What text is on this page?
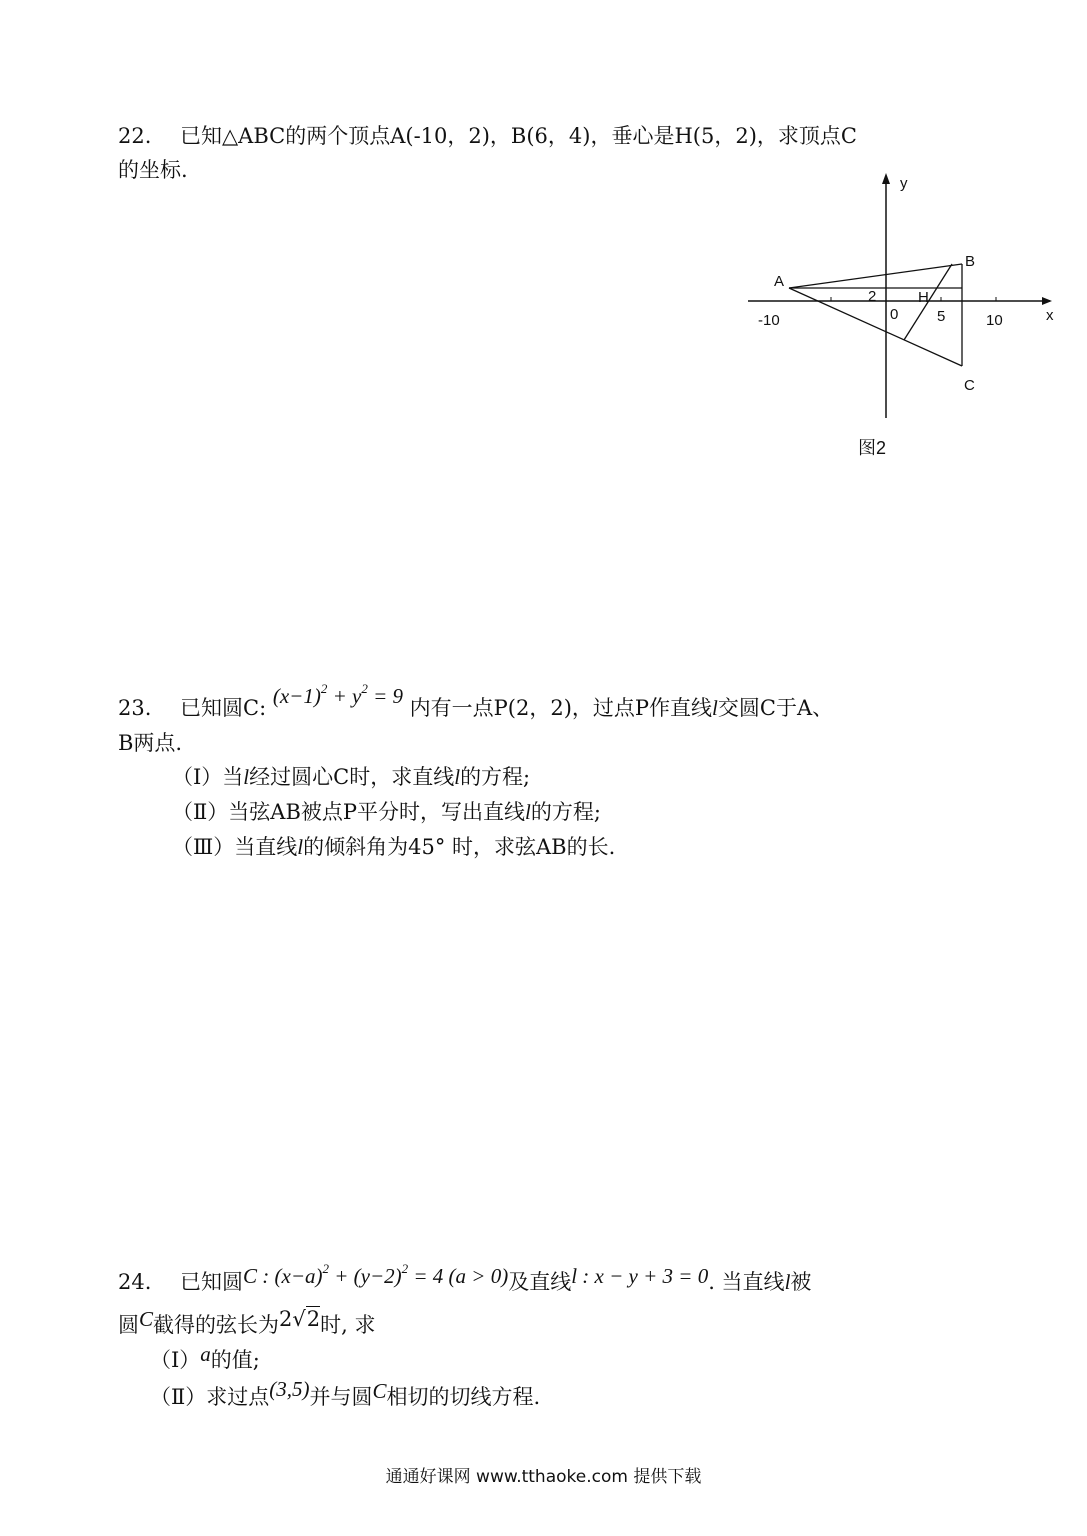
22. 已知△ABC的两个顶点A(-10，2)，B(6，4)，垂心是H(5，2)，求顶点C
的坐标.
y
x
-10	0	5	10
2
A
B
C
H
图2
23. 已知圆C: $(x-1)^2 + y^2 = 9$ 内有一点P(2，2)，过点P作直线l交圆C于A、
B两点.
（Ⅰ）当l经过圆心C时，求直线l的方程;
（Ⅱ）当弦AB被点P平分时，写出直线l的方程;
（Ⅲ）当直线l的倾斜角为45° 时，求弦AB的长.
24. 已知圆C : $(x-a)^2 + (y-2)^2 = 4$ (a > 0)及直线l : x − y + 3 = 0. 当直线l被
圆C截得的弦长为2√2时, 求
（Ⅰ）a的值;
（Ⅱ）求过点(3,5)并与圆C相切的切线方程.
通通好课网 www.tthaoke.com 提供下载
